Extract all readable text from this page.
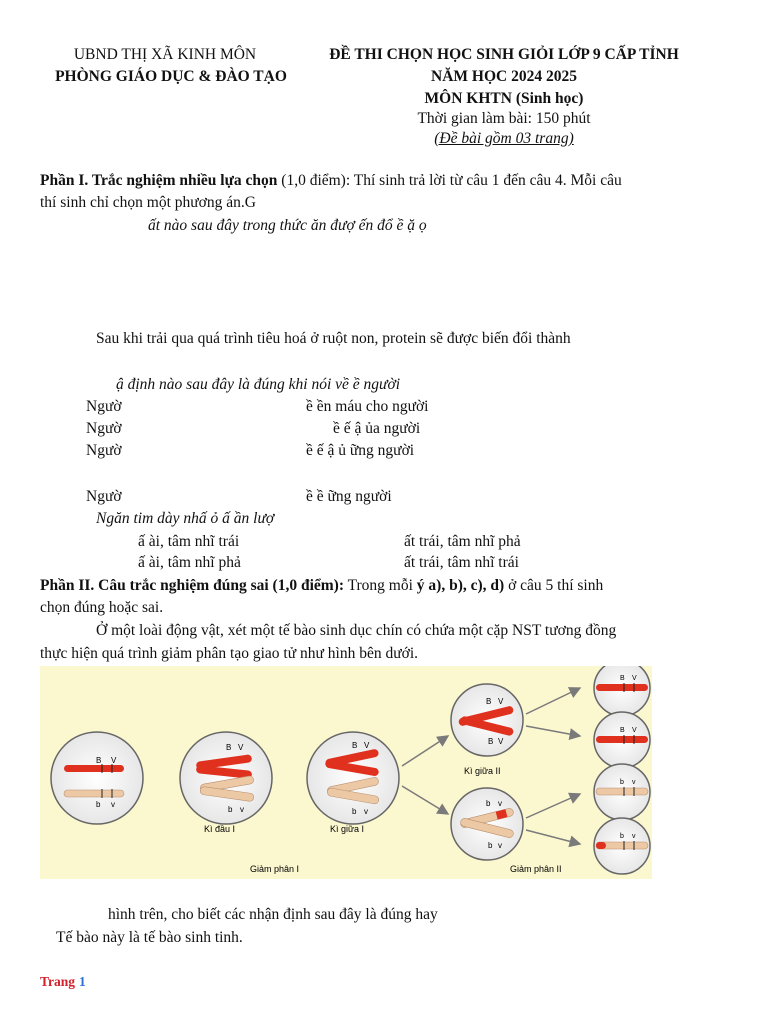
UBND THỊ XÃ KINH MÔN
PHÒNG GIÁO DỤC & ĐÀO TẠO
ĐỀ THI CHỌN HỌC SINH GIỎI LỚP 9 CẤP TỈNH
NĂM HỌC 2024 2025
MÔN KHTN (Sinh học)
Thời gian làm bài: 150 phút
(Đề bài gồm 03 trang)
Phần I. Trắc nghiệm nhiều lựa chọn (1,0 điểm): Thí sinh trả lời từ câu 1 đến câu 4. Mỗi câu
thí sinh chỉ chọn một phương án.G
ất nào sau đây trong thức ăn đượ ến đổ ề ặ ọ
Sau khi trải qua quá trình tiêu hoá ở ruột non, protein sẽ được biến đổi thành
ậ định nào sau đây là đúng khi nói về ề người
Ngườ	ề ền máu cho người
Ngườ	ề ế ậ ủa người
Ngườ	ề ế ậ ủ ững người
Ngườ	ề ề ững người
Ngăn tim dày nhấ ỏ ấ ần lượ
ấ ài, tâm nhĩ trái	ất trái, tâm nhĩ phả
ấ ài, tâm nhĩ phả	ất trái, tâm nhĩ trái
Phần II. Câu trắc nghiệm đúng sai (1,0 điểm): Trong mỗi ý a), b), c), d) ở câu 5 thí sinh
chọn đúng hoặc sai.
Ở một loài động vật, xét một tế bào sinh dục chín có chứa một cặp NST tương đồng
thực hiện quá trình giảm phân tạo giao tử như hình bên dưới.
B V
b v
B V
b v
Kì đầu I
B V
b v
Kì giữa I
B V
B V
Kì giữa II
b v
b v
B V
B V
b v
b v
Giảm phân I	Giảm phân II
hình trên, cho biết các nhận định sau đây là đúng hay
Tế bào này là tế bào sinh tinh.
Trang 1
